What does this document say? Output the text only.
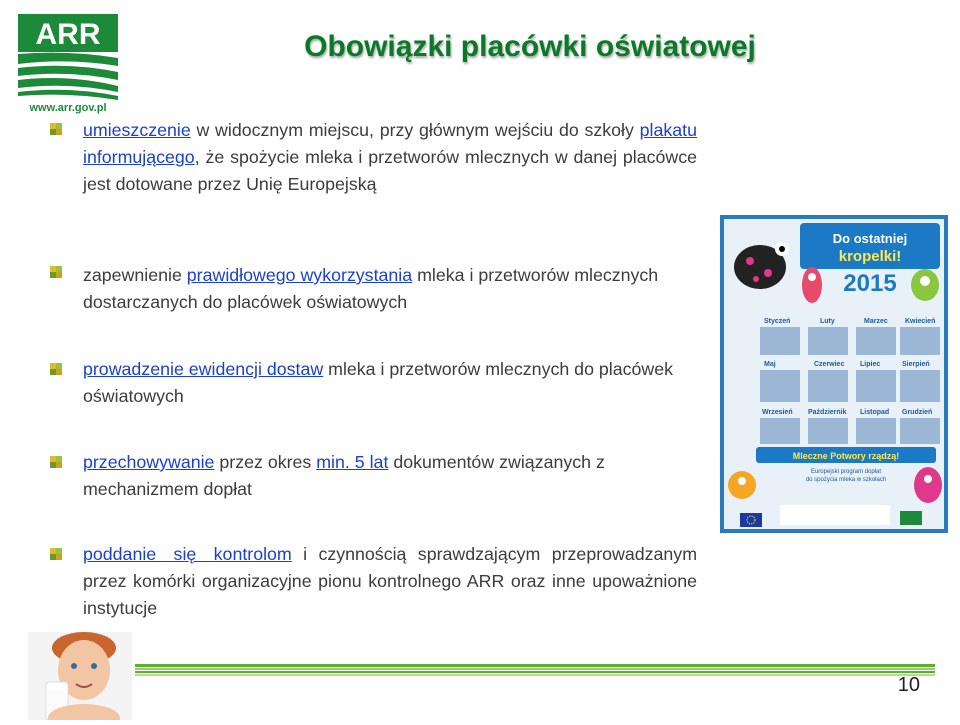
ARR
www.arr.gov.pl
Obowiązki placówki oświatowej
umieszczenie w widocznym miejscu, przy głównym wejściu do szkoły plakatu informującego, że spożycie mleka i przetworów mlecznych w danej placówce jest dotowane przez Unię Europejską
zapewnienie prawidłowego wykorzystania mleka i przetworów mlecznych dostarczanych do placówek oświatowych
prowadzenie ewidencji dostaw mleka i przetworów mlecznych do placówek oświatowych
przechowywanie przez okres min. 5 lat dokumentów związanych z mechanizmem dopłat
poddanie się kontrolom i czynnością sprawdzającym przeprowadzanym przez komórki organizacyjne pionu kontrolnego ARR oraz inne upoważnione instytucje
Do ostatniej
kropelki!
2015
Styczeń	Luty	Marzec Kwiecień
Maj	Czerwiec Lipiec	Sierpień
Wrzesień Październik Listopad Grudzień
Mleczne Potwory rządzą!
Europejski program dopłat
do spożycia mleka w szkołach
10
